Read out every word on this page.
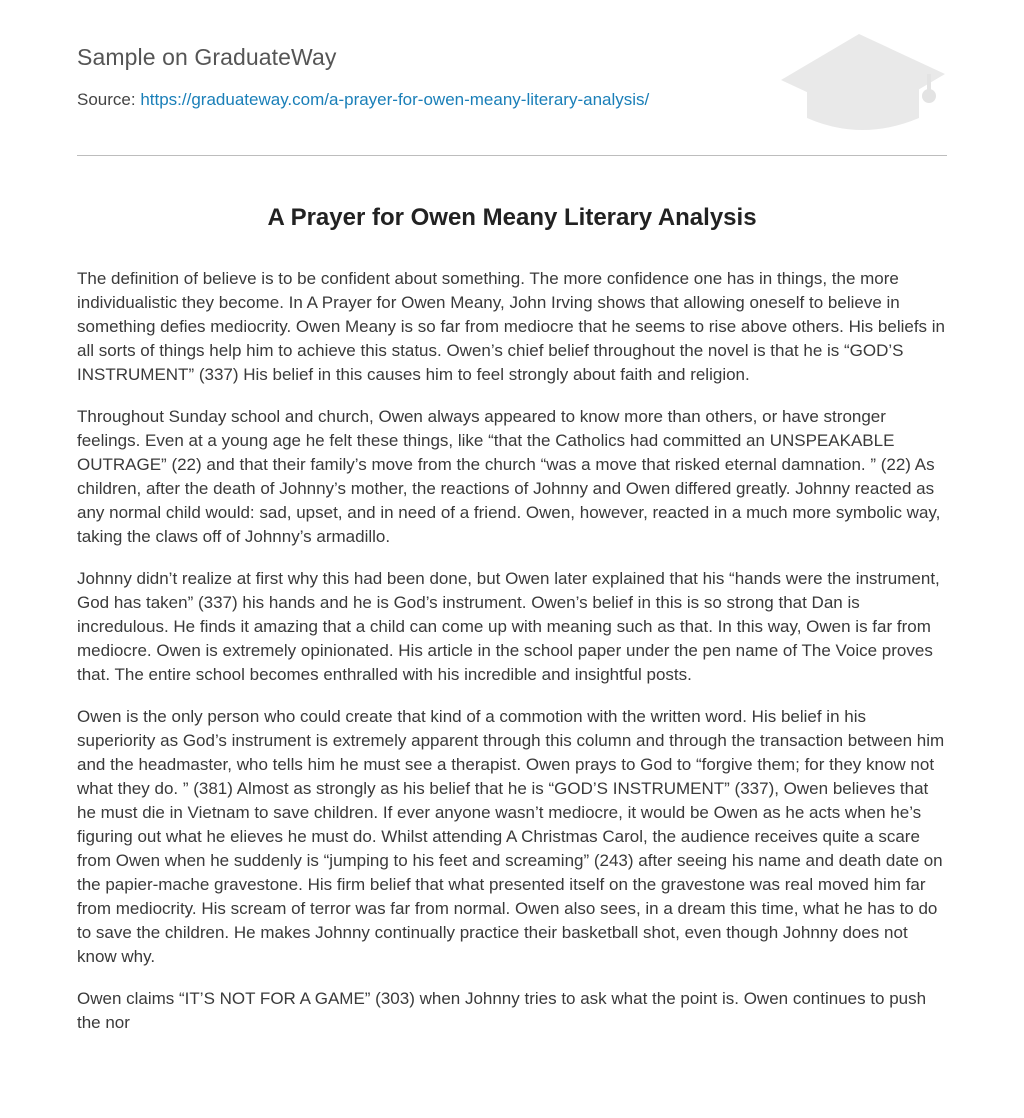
Sample on GraduateWay
Source: https://graduateway.com/a-prayer-for-owen-meany-literary-analysis/
A Prayer for Owen Meany Literary Analysis

The definition of believe is to be confident about something. The more confidence one has in things, the more individualistic they become. In A Prayer for Owen Meany, John Irving shows that allowing oneself to believe in something defies mediocrity. Owen Meany is so far from mediocre that he seems to rise above others. His beliefs in all sorts of things help him to achieve this status. Owen’s chief belief throughout the novel is that he is “GOD’S INSTRUMENT” (337) His belief in this causes him to feel strongly about faith and religion.

Throughout Sunday school and church, Owen always appeared to know more than others, or have stronger feelings. Even at a young age he felt these things, like “that the Catholics had committed an UNSPEAKABLE OUTRAGE” (22) and that their family’s move from the church “was a move that risked eternal damnation. ” (22) As children, after the death of Johnny’s mother, the reactions of Johnny and Owen differed greatly. Johnny reacted as any normal child would: sad, upset, and in need of a friend. Owen, however, reacted in a much more symbolic way, taking the claws off of Johnny’s armadillo.

Johnny didn’t realize at first why this had been done, but Owen later explained that his “hands were the instrument, God has taken” (337) his hands and he is God’s instrument. Owen’s belief in this is so strong that Dan is incredulous. He finds it amazing that a child can come up with meaning such as that. In this way, Owen is far from mediocre. Owen is extremely opinionated. His article in the school paper under the pen name of The Voice proves that. The entire school becomes enthralled with his incredible and insightful posts.

Owen is the only person who could create that kind of a commotion with the written word. His belief in his superiority as God’s instrument is extremely apparent through this column and through the transaction between him and the headmaster, who tells him he must see a therapist. Owen prays to God to “forgive them; for they know not what they do. ” (381) Almost as strongly as his belief that he is “GOD’S INSTRUMENT” (337), Owen believes that he must die in Vietnam to save children. If ever anyone wasn’t mediocre, it would be Owen as he acts when he’s figuring out what he elieves he must do. Whilst attending A Christmas Carol, the audience receives quite a scare from Owen when he suddenly is “jumping to his feet and screaming” (243) after seeing his name and death date on the papier-mache gravestone. His firm belief that what presented itself on the gravestone was real moved him far from mediocrity. His scream of terror was far from normal. Owen also sees, in a dream this time, what he has to do to save the children. He makes Johnny continually practice their basketball shot, even though Johnny does not know why.

Owen claims “IT’S NOT FOR A GAME” (303) when Johnny tries to ask what the point is. Owen continues to push the nor
